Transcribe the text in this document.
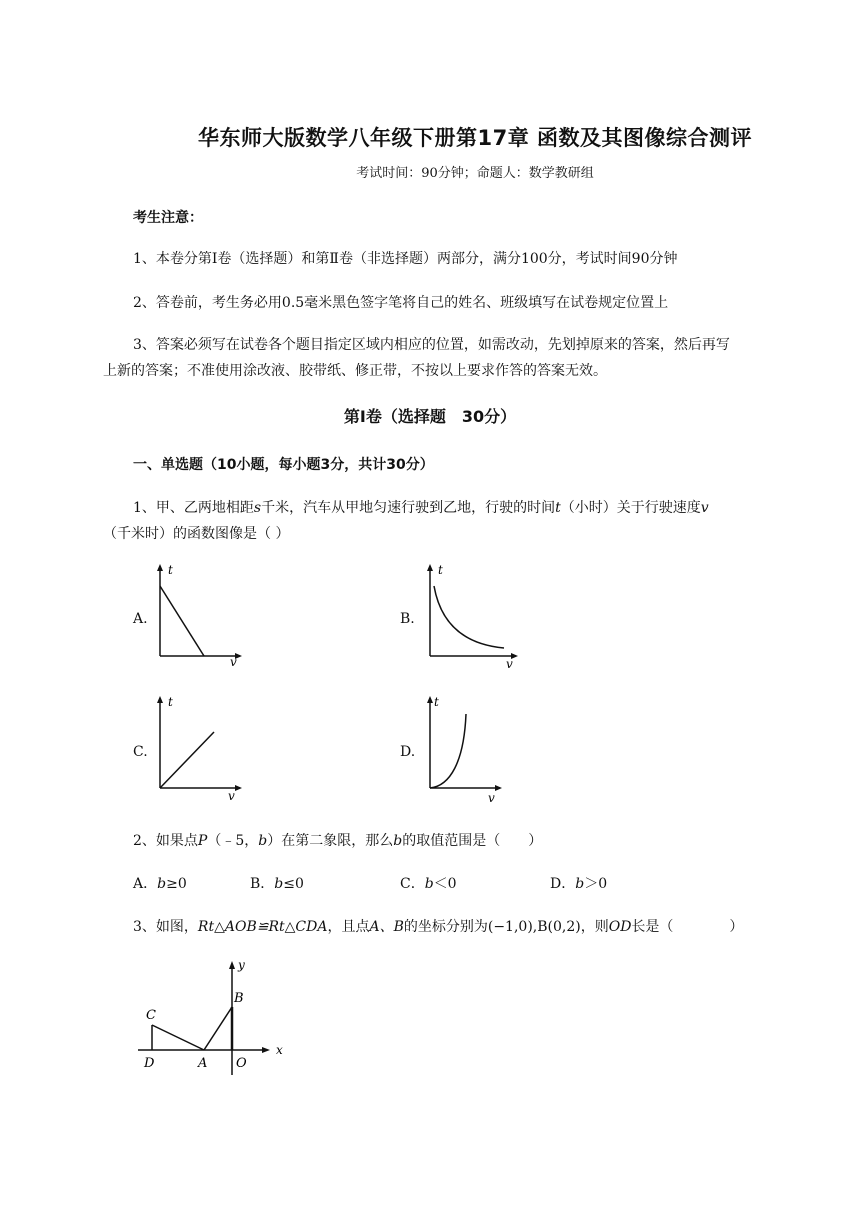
华东师大版数学八年级下册第17章 函数及其图像综合测评
考试时间：90分钟；命题人：数学教研组
考生注意：
1、本卷分第I卷（选择题）和第Ⅱ卷（非选择题）两部分，满分100分，考试时间90分钟
2、答卷前，考生务必用0.5毫米黑色签字笔将自己的姓名、班级填写在试卷规定位置上
3、答案必须写在试卷各个题目指定区域内相应的位置，如需改动，先划掉原来的答案，然后再写
上新的答案；不准使用涂改液、胶带纸、修正带，不按以上要求作答的答案无效。
第I卷（选择题　30分）
一、单选题（10小题，每小题3分，共计30分）
1、甲、乙两地相距s千米，汽车从甲地匀速行驶到乙地，行驶的时间t（小时）关于行驶速度v
（千米时）的函数图像是（ ）
A.	B.
C.	D.
t
v
t
v
t
v
t
v
2、如果点P（﹣5，b）在第二象限，那么b的取值范围是（　　）
A．b≥0	B．b≤0	C．b＜0	D．b＞0
3、如图，Rt△AOB≌Rt△CDA，且点A、B的坐标分别为(−1,0),B(0,2)，则OD长是（　　　　）
y
x
B
C
D	A O
